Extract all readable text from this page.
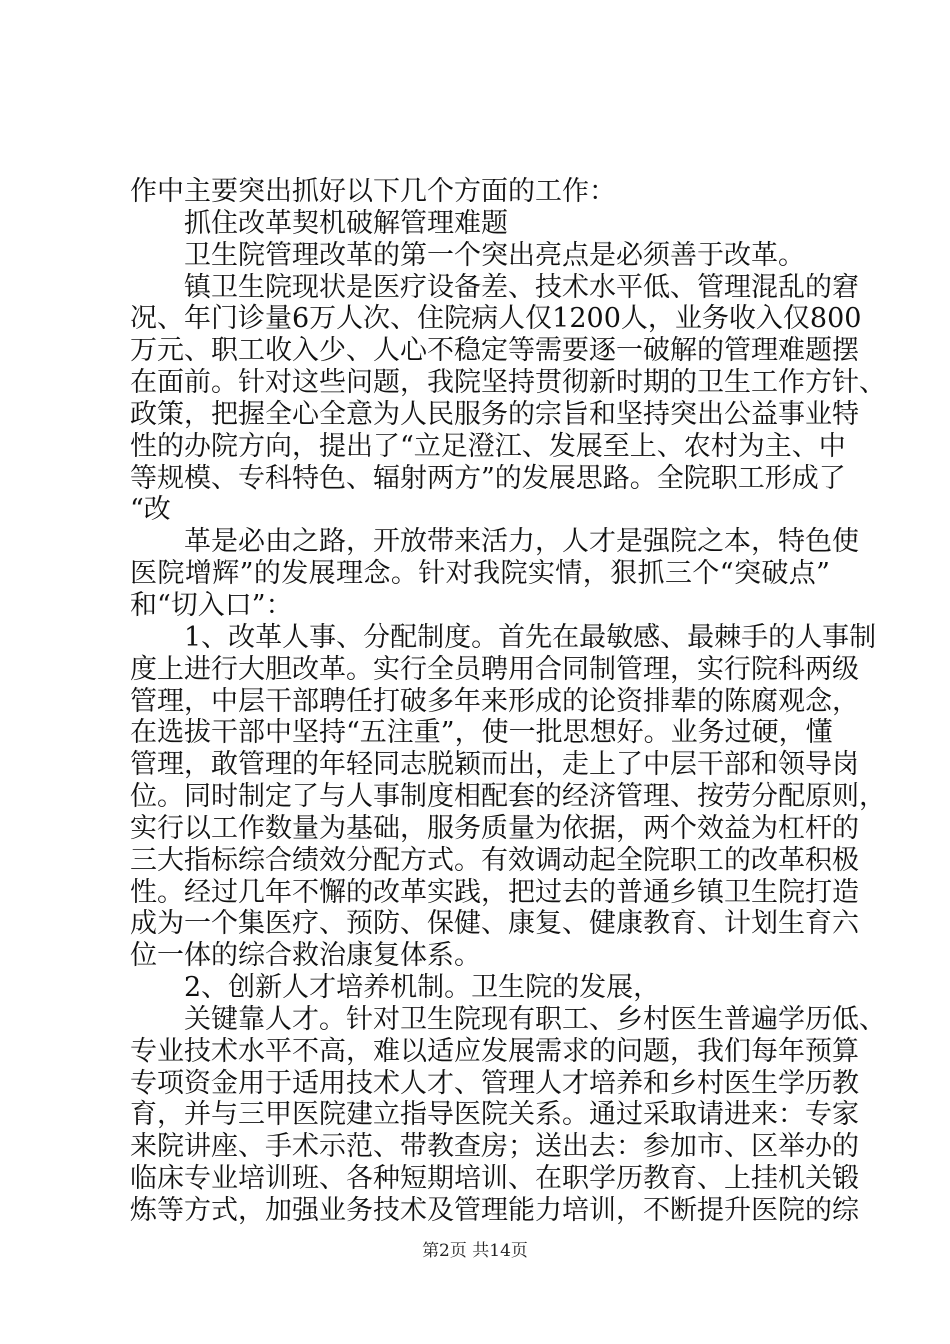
作中主要突出抓好以下几个方面的工作：
　　抓住改革契机破解管理难题
　　卫生院管理改革的第一个突出亮点是必须善于改革。
　　镇卫生院现状是医疗设备差、技术水平低、管理混乱的窘
况、年门诊量6万人次、住院病人仅1200人，业务收入仅800
万元、职工收入少、人心不稳定等需要逐一破解的管理难题摆
在面前。针对这些问题，我院坚持贯彻新时期的卫生工作方针、
政策，把握全心全意为人民服务的宗旨和坚持突出公益事业特
性的办院方向，提出了“立足澄江、发展至上、农村为主、中
等规模、专科特色、辐射两方”的发展思路。全院职工形成了
“改
　　革是必由之路，开放带来活力，人才是强院之本，特色使
医院增辉”的发展理念。针对我院实情，狠抓三个“突破点”
和“切入口”：
　　1、改革人事、分配制度。首先在最敏感、最棘手的人事制
度上进行大胆改革。实行全员聘用合同制管理，实行院科两级
管理，中层干部聘任打破多年来形成的论资排辈的陈腐观念，
在选拔干部中坚持“五注重”，使一批思想好。业务过硬，懂
管理，敢管理的年轻同志脱颖而出，走上了中层干部和领导岗
位。同时制定了与人事制度相配套的经济管理、按劳分配原则，
实行以工作数量为基础，服务质量为依据，两个效益为杠杆的
三大指标综合绩效分配方式。有效调动起全院职工的改革积极
性。经过几年不懈的改革实践，把过去的普通乡镇卫生院打造
成为一个集医疗、预防、保健、康复、健康教育、计划生育六
位一体的综合救治康复体系。
　　2、创新人才培养机制。卫生院的发展，
　　关键靠人才。针对卫生院现有职工、乡村医生普遍学历低、
专业技术水平不高，难以适应发展需求的问题，我们每年预算
专项资金用于适用技术人才、管理人才培养和乡村医生学历教
育，并与三甲医院建立指导医院关系。通过采取请进来：专家
来院讲座、手术示范、带教查房；送出去：参加市、区举办的
临床专业培训班、各种短期培训、在职学历教育、上挂机关锻
炼等方式，加强业务技术及管理能力培训，不断提升医院的综
第2页 共14页
